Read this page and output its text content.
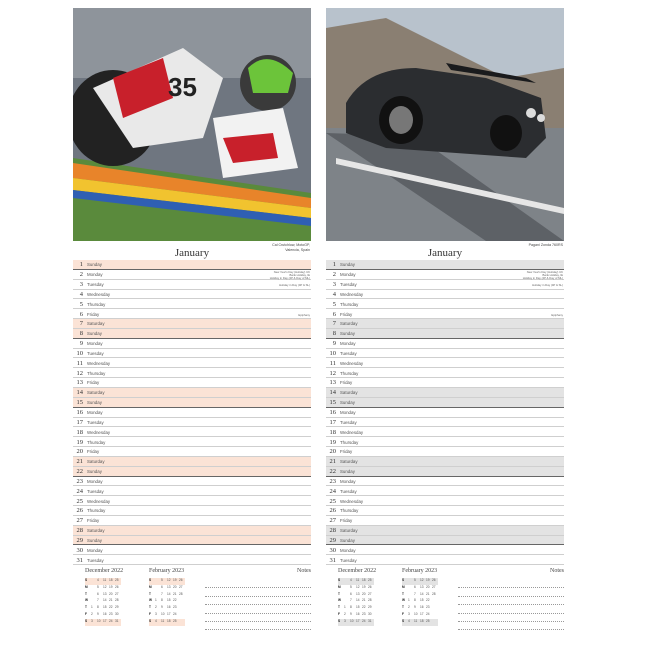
35
January
Cal Crutchlow, MotoGP,
Valencia, Spain
1 Sunday
2 Monday
New Year's Day (Holiday) UK
Bank Holiday, IE
Holiday in Day (4P & Day of ML)
3 Tuesday	Holiday in Day (4P & SL)
4 Wednesday
5 Thursday
6 Friday	Epiphany
7 Saturday
8 Sunday
9 Monday
10 Tuesday
11 Wednesday
12 Thursday
13 Friday
14 Saturday
15 Sunday
16 Monday
17 Tuesday
18 Wednesday
19 Thursday
20 Friday
21 Saturday
22 Sunday
23 Monday
24 Tuesday
25 Wednesday
26 Thursday
27 Friday
28 Saturday
29 Sunday
30 Monday
31 Tuesday
December 2022
S	4	11 18 25
M	5	12 19 26
T	6	13 20 27
W	7	14 21 28
T	1	8	15 22 29
F	2	9	16 23 30
S	3	10 17 24 31
February 2023
S	5	12 19 26
M	6	13 20 27
T	7	14 21 28
W 1	8	15 22
T	2	9	16 23
F	3	10 17 24
S	4	11 18 25
Notes
January
Pagani Zonda 760RS
1 Sunday
2 Monday
New Year's Day (Holiday) UK
Bank Holiday, IE
Holiday in Day (4P & Day of ML)
3 Tuesday	Holiday in Day (4P & SL)
4 Wednesday
5 Thursday
6 Friday	Epiphany
7 Saturday
8 Sunday
9 Monday
10 Tuesday
11 Wednesday
12 Thursday
13 Friday
14 Saturday
15 Sunday
16 Monday
17 Tuesday
18 Wednesday
19 Thursday
20 Friday
21 Saturday
22 Sunday
23 Monday
24 Tuesday
25 Wednesday
26 Thursday
27 Friday
28 Saturday
29 Sunday
30 Monday
31 Tuesday
December 2022
S	4	11 18 25
M	5	12 19 26
T	6	13 20 27
W	7	14 21 28
T	1	8	15 22 29
F	2	9	16 23 30
S	3	10 17 24 31
February 2023
S	5	12 19 26
M	6	13 20 27
T	7	14 21 28
W 1	8	15 22
T	2	9	16 23
F	3	10 17 24
S	4	11 18 25
Notes
